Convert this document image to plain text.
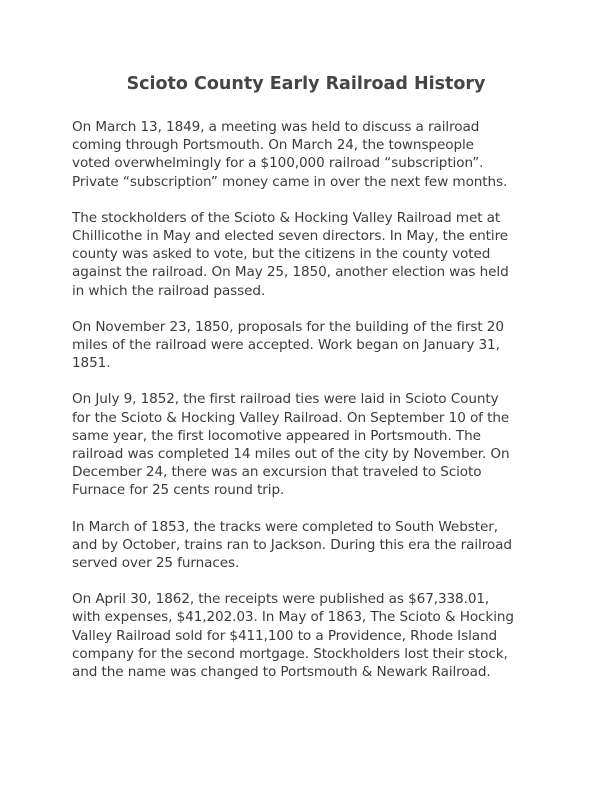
Scioto County Early Railroad History

On March 13, 1849, a meeting was held to discuss a railroad
coming through Portsmouth. On March 24, the townspeople
voted overwhelmingly for a $100,000 railroad “subscription”.
Private “subscription” money came in over the next few months.

The stockholders of the Scioto & Hocking Valley Railroad met at
Chillicothe in May and elected seven directors. In May, the entire
county was asked to vote, but the citizens in the county voted
against the railroad. On May 25, 1850, another election was held
in which the railroad passed.

On November 23, 1850, proposals for the building of the first 20
miles of the railroad were accepted. Work began on January 31,
1851.

On July 9, 1852, the first railroad ties were laid in Scioto County
for the Scioto & Hocking Valley Railroad. On September 10 of the
same year, the first locomotive appeared in Portsmouth. The
railroad was completed 14 miles out of the city by November. On
December 24, there was an excursion that traveled to Scioto
Furnace for 25 cents round trip.

In March of 1853, the tracks were completed to South Webster,
and by October, trains ran to Jackson. During this era the railroad
served over 25 furnaces.

On April 30, 1862, the receipts were published as $67,338.01,
with expenses, $41,202.03. In May of 1863, The Scioto & Hocking
Valley Railroad sold for $411,100 to a Providence, Rhode Island
company for the second mortgage. Stockholders lost their stock,
and the name was changed to Portsmouth & Newark Railroad.
